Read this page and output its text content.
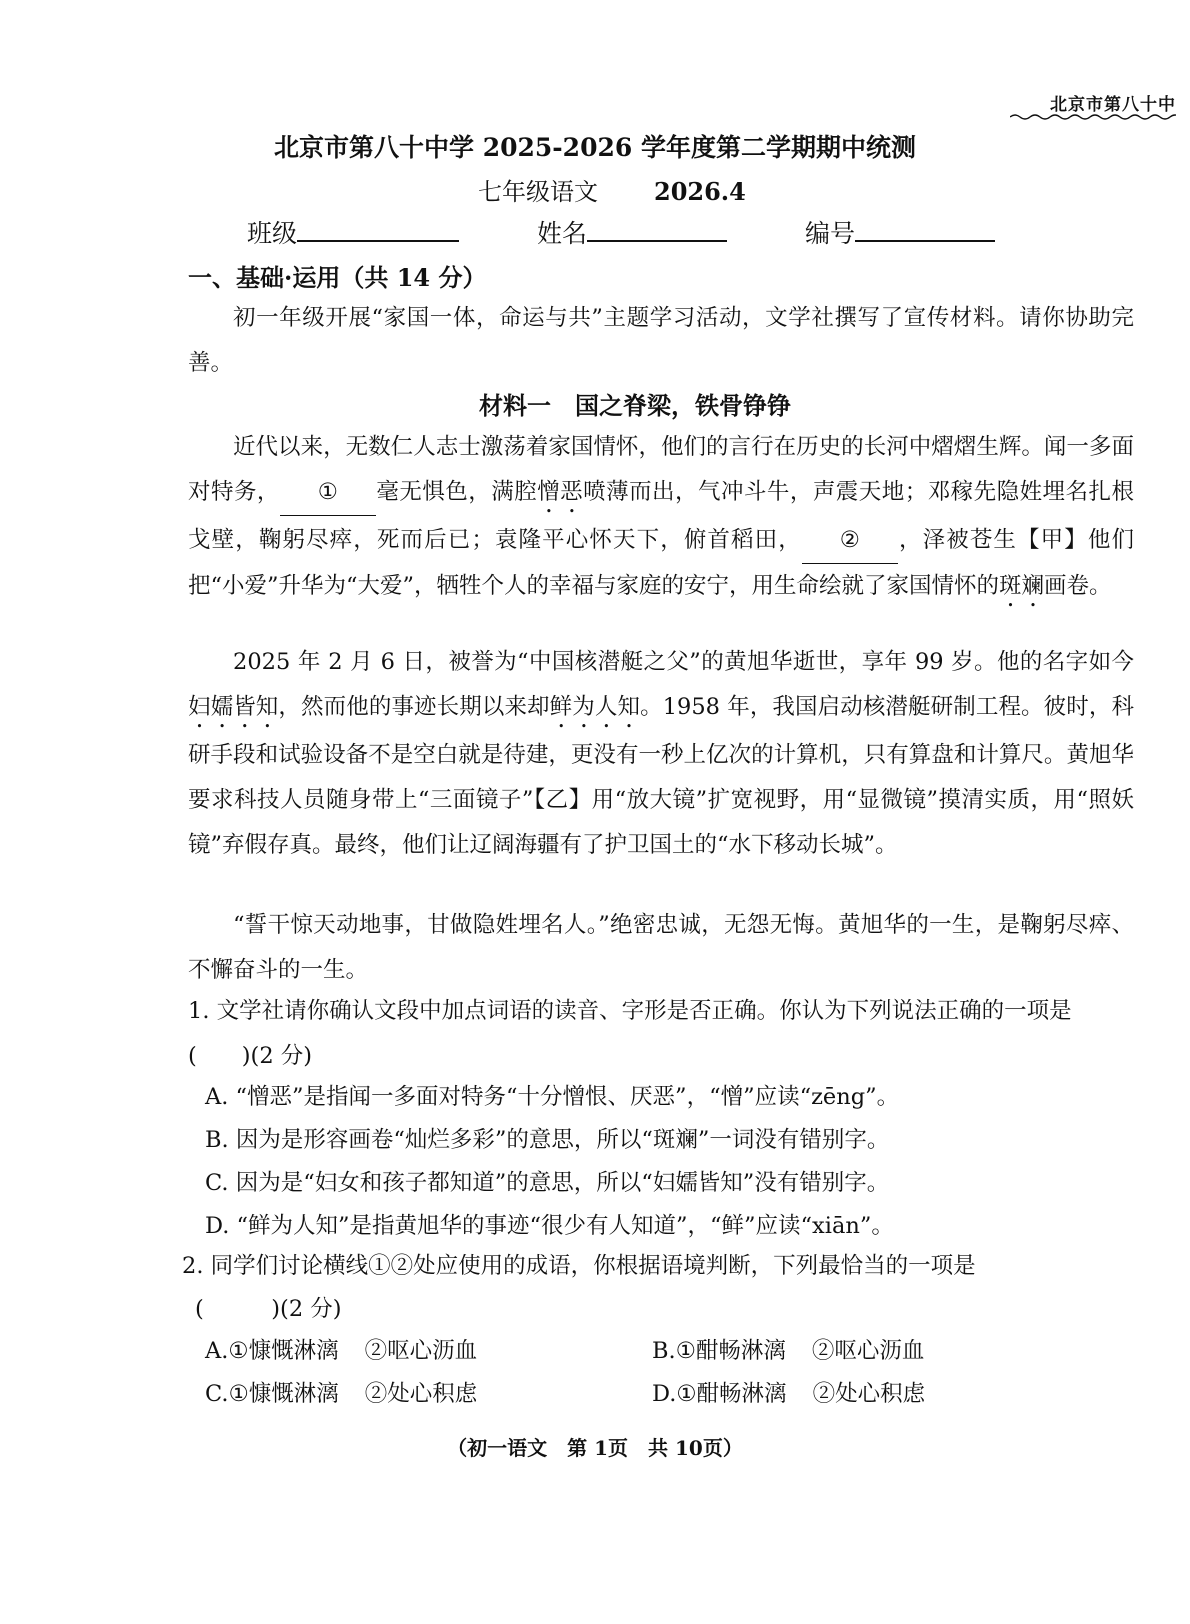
北京市第八十中
北京市第八十中学 2025-2026 学年度第二学期期中统测
七年级语文 2026.4
班级	姓名	编号
一、基础·运用（共 14 分）
初一年级开展“家国一体，命运与共”主题学习活动，文学社撰写了宣传材料。请你协助完善。
材料一　国之脊梁，铁骨铮铮
近代以来，无数仁人志士激荡着家国情怀，他们的言行在历史的长河中熠熠生辉。闻一多面对特务， ① 毫无惧色，满腔憎恶喷薄而出，气冲斗牛，声震天地；邓稼先隐姓埋名扎根戈壁，鞠躬尽瘁，死而后已；袁隆平心怀天下，俯首稻田， ② ，泽被苍生【甲】他们把“小爱”升华为“大爱”，牺牲个人的幸福与家庭的安宁，用生命绘就了家国情怀的斑斓画卷。
2025 年 2 月 6 日，被誉为“中国核潜艇之父”的黄旭华逝世，享年 99 岁。他的名字如今妇嬬皆知，然而他的事迹长期以来却鲜为人知。1958 年，我国启动核潜艇研制工程。彼时，科研手段和试验设备不是空白就是待建，更没有一秒上亿次的计算机，只有算盘和计算尺。黄旭华要求科技人员随身带上“三面镜子”【乙】用“放大镜”扩宽视野，用“显微镜”摸清实质，用“照妖镜”弃假存真。最终，他们让辽阔海疆有了护卫国土的“水下移动长城”。
“誓干惊天动地事，甘做隐姓埋名人。”绝密忠诚，无怨无悔。黄旭华的一生，是鞠躬尽瘁、不懈奋斗的一生。
1. 文学社请你确认文段中加点词语的读音、字形是否正确。你认为下列说法正确的一项是(　　)(2 分)
A. “憎恶”是指闻一多面对特务“十分憎恨、厌恶”，“憎”应读“zēng”。
B. 因为是形容画卷“灿烂多彩”的意思，所以“斑斓”一词没有错别字。
C. 因为是“妇女和孩子都知道”的意思，所以“妇嬬皆知”没有错别字。
D. “鲜为人知”是指黄旭华的事迹“很少有人知道”，“鲜”应读“xiān”。
2. 同学们讨论横线①②处应使用的成语，你根据语境判断，下列最恰当的一项是
(　　　)(2 分)
A.①慷慨淋漓 ②呕心沥血	B.①酣畅淋漓 ②呕心沥血
C.①慷慨淋漓 ②处心积虑	D.①酣畅淋漓 ②处心积虑
（初一语文　第 1页　共 10页）
